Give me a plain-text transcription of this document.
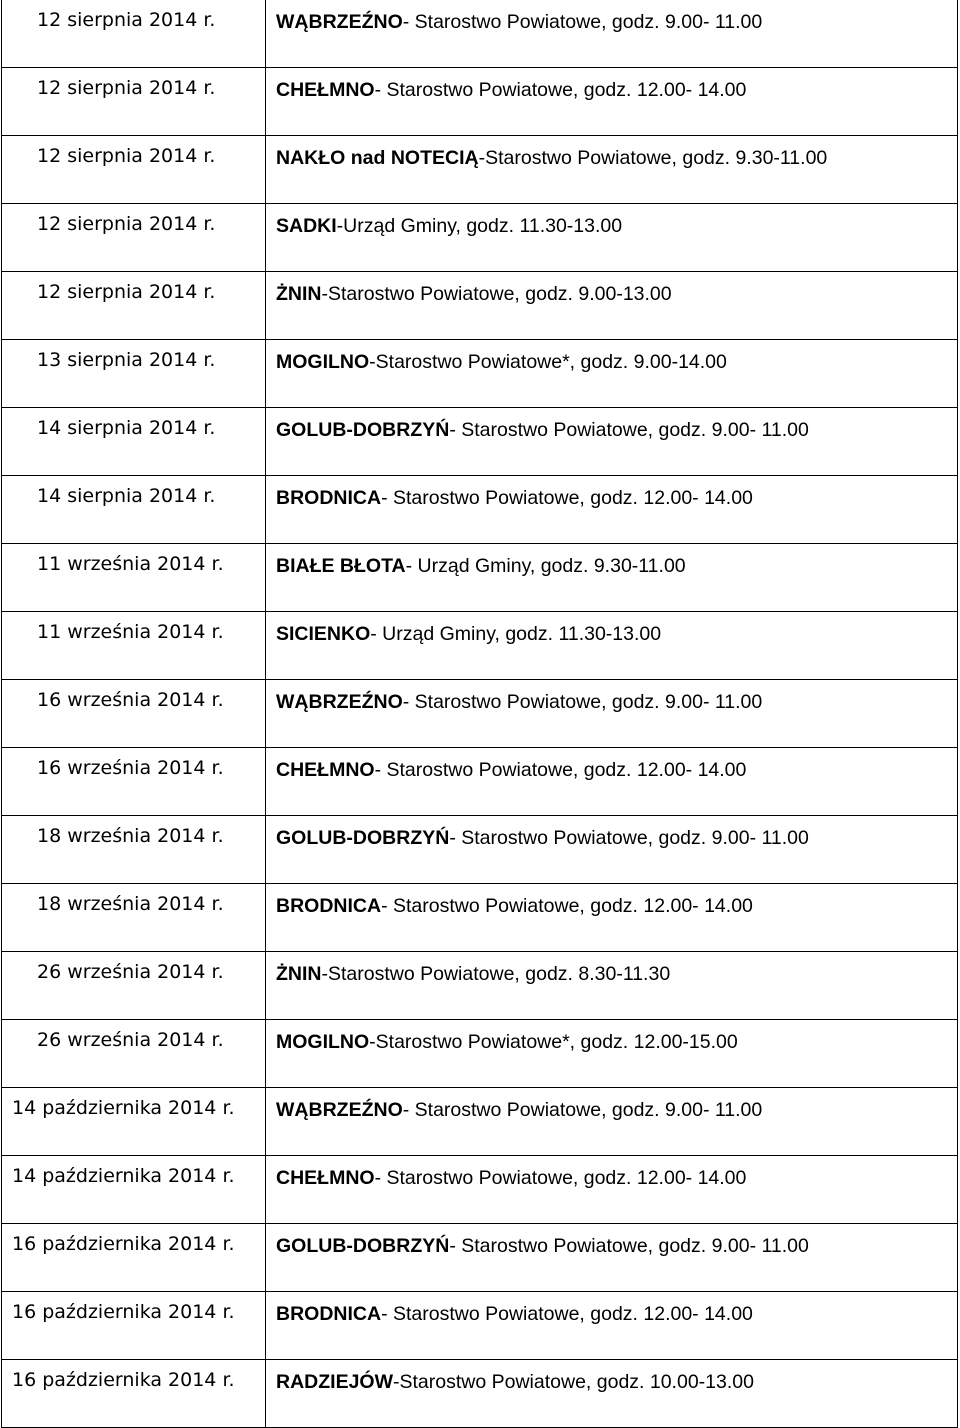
12 sierpnia 2014 r.	WĄBRZEŹNO- Starostwo Powiatowe, godz. 9.00- 11.00
12 sierpnia 2014 r.	CHEŁMNO- Starostwo Powiatowe, godz. 12.00- 14.00
12 sierpnia 2014 r.	NAKŁO nad NOTECIĄ-Starostwo Powiatowe, godz. 9.30-11.00
12 sierpnia 2014 r.	SADKI-Urząd Gminy, godz. 11.30-13.00
12 sierpnia 2014 r.	ŻNIN-Starostwo Powiatowe, godz. 9.00-13.00
13 sierpnia 2014 r.	MOGILNO-Starostwo Powiatowe*, godz. 9.00-14.00
14 sierpnia 2014 r.	GOLUB-DOBRZYŃ- Starostwo Powiatowe, godz. 9.00- 11.00
14 sierpnia 2014 r.	BRODNICA- Starostwo Powiatowe, godz. 12.00- 14.00
11 września 2014 r.	BIAŁE BŁOTA- Urząd Gminy, godz. 9.30-11.00
11 września 2014 r.	SICIENKO- Urząd Gminy, godz. 11.30-13.00
16 września 2014 r.	WĄBRZEŹNO- Starostwo Powiatowe, godz. 9.00- 11.00
16 września 2014 r.	CHEŁMNO- Starostwo Powiatowe, godz. 12.00- 14.00
18 września 2014 r.	GOLUB-DOBRZYŃ- Starostwo Powiatowe, godz. 9.00- 11.00
18 września 2014 r.	BRODNICA- Starostwo Powiatowe, godz. 12.00- 14.00
26 września 2014 r.	ŻNIN-Starostwo Powiatowe, godz. 8.30-11.30
26 września 2014 r.	MOGILNO-Starostwo Powiatowe*, godz. 12.00-15.00
14 października 2014 r.	WĄBRZEŹNO- Starostwo Powiatowe, godz. 9.00- 11.00
14 października 2014 r.	CHEŁMNO- Starostwo Powiatowe, godz. 12.00- 14.00
16 października 2014 r.	GOLUB-DOBRZYŃ- Starostwo Powiatowe, godz. 9.00- 11.00
16 października 2014 r.	BRODNICA- Starostwo Powiatowe, godz. 12.00- 14.00
16 października 2014 r.	RADZIEJÓW-Starostwo Powiatowe, godz. 10.00-13.00
